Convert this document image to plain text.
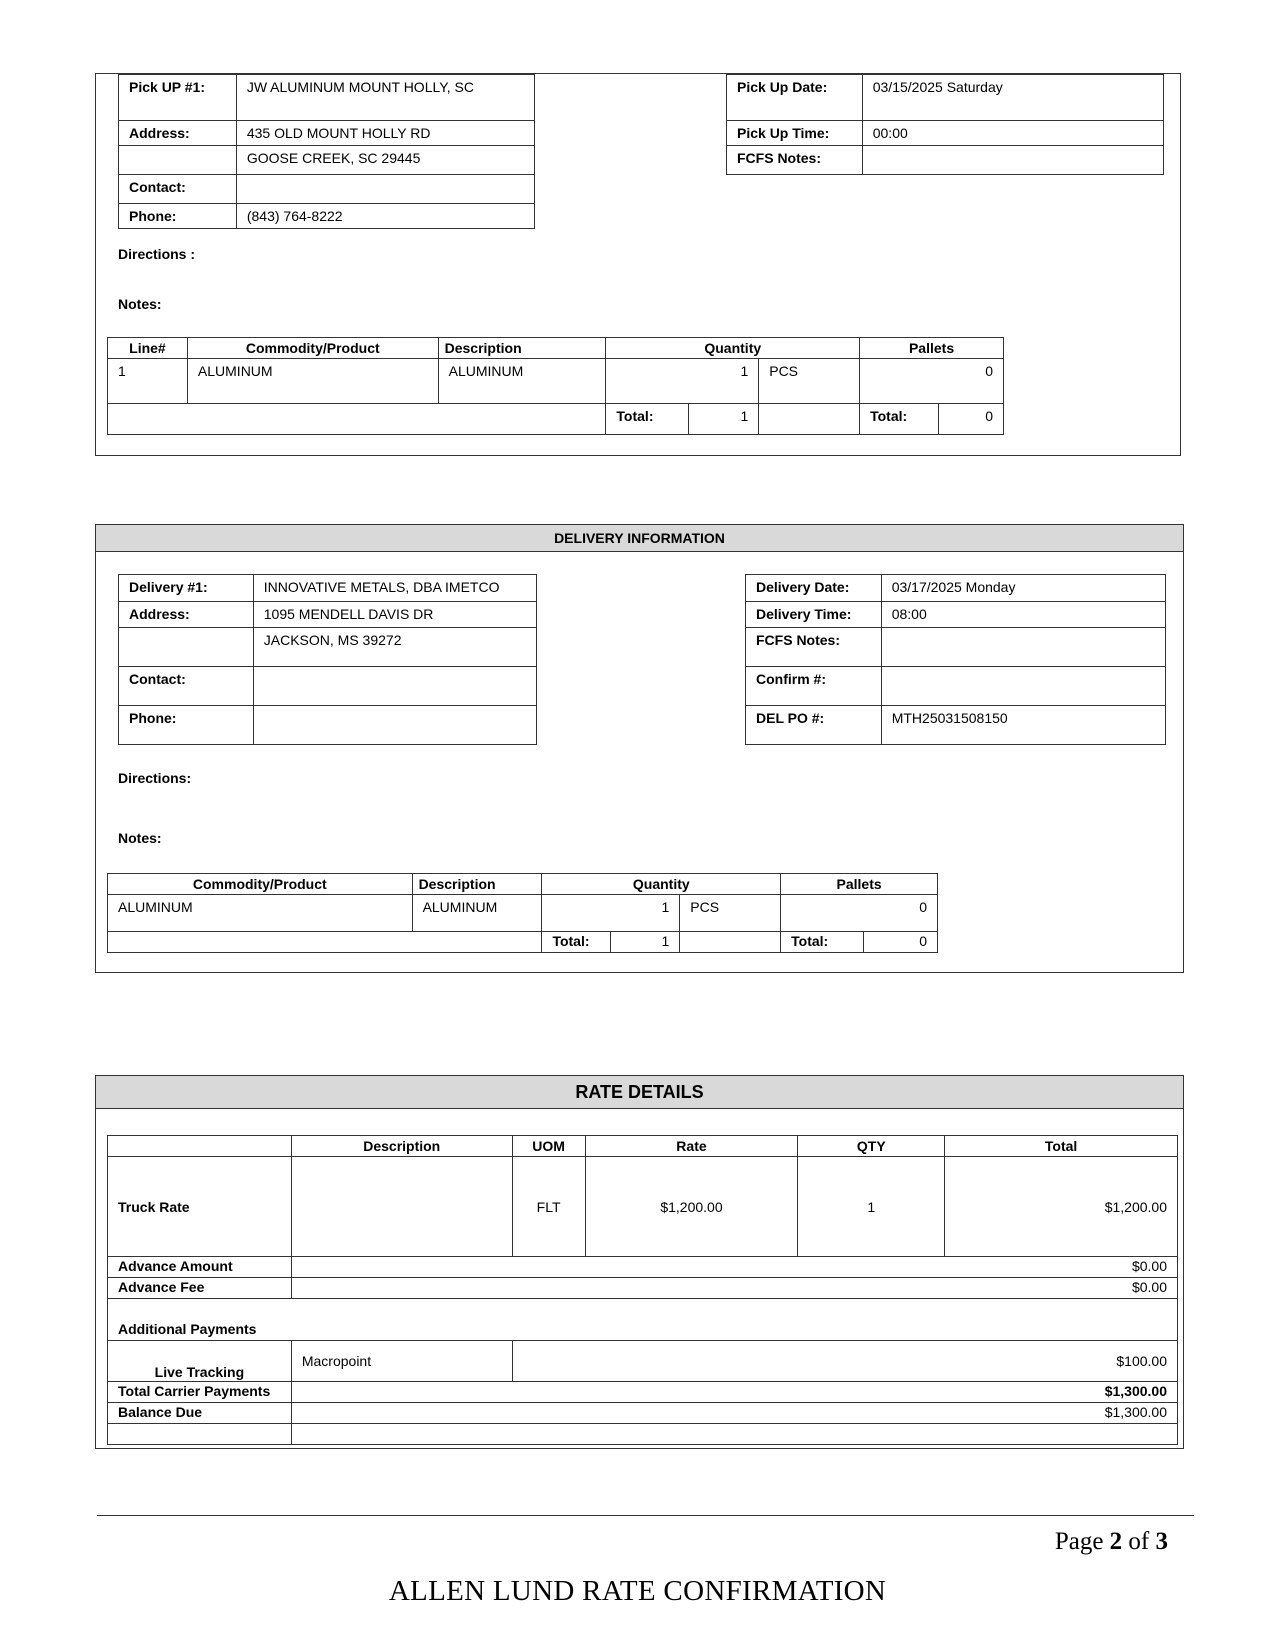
Pick UP #1:	JW ALUMINUM MOUNT HOLLY, SC
Address:	435 OLD MOUNT HOLLY RD
	GOOSE CREEK, SC 29445
Contact:	
Phone:	(843) 764-8222
Pick Up Date:	03/15/2025 Saturday
Pick Up Time:	00:00
FCFS Notes:	
Directions :
Notes:
Line#	Commodity/Product	Description	Quantity			Pallets	
1	ALUMINUM	ALUMINUM	1		PCS	0	
			Total:	1		Total:	0
DELIVERY INFORMATION
Delivery #1:	INNOVATIVE METALS, DBA IMETCO
Address:	1095 MENDELL DAVIS DR
	JACKSON, MS 39272
Contact:	
Phone:	
Delivery Date:	03/17/2025 Monday
Delivery Time:	08:00
FCFS Notes:	
Confirm #:	
DEL PO #:	MTH25031508150
Directions:
Notes:
Commodity/Product	Description	Quantity			Pallets	
ALUMINUM	ALUMINUM	1		PCS	0	
		Total:	1		Total:	0
RATE DETAILS
	Description	UOM	Rate	QTY	Total
Truck Rate		FLT	$1,200.00	1	$1,200.00
Advance Amount	$0.00				
Advance Fee	$0.00				
Additional Payments					
Live Tracking	Macropoint	$100.00			
Total Carrier Payments	$1,300.00				
Balance Due	$1,300.00				

Page 2 of 3
ALLEN LUND RATE CONFIRMATION
